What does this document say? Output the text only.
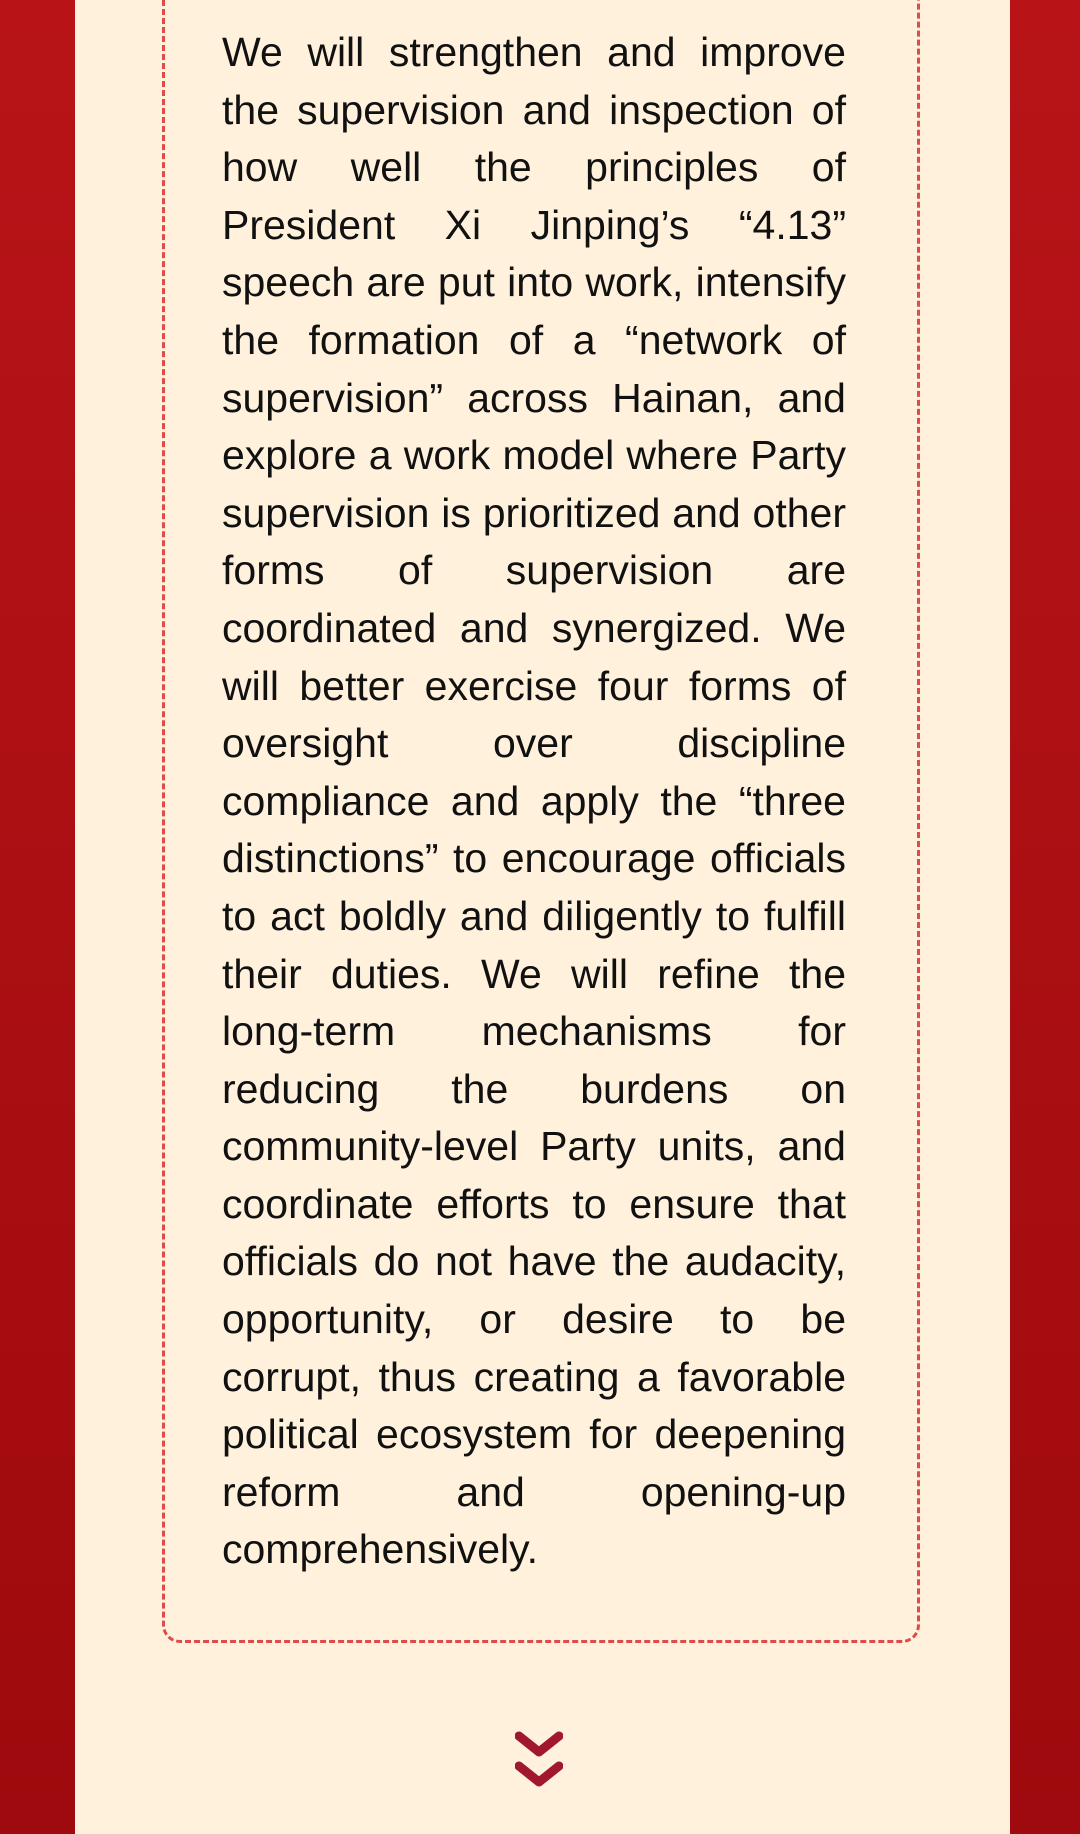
We will strengthen and improve the supervision and inspection of how well the principles of President Xi Jinping’s “4.13” speech are put into work, intensify the formation of a “network of supervision” across Hainan, and explore a work model where Party supervision is prioritized and other forms of supervision are coordinated and synergized. We will better exercise four forms of oversight over discipline compliance and apply the “three distinctions” to encourage officials to act boldly and diligently to fulfill their duties. We will refine the long-term mechanisms for reducing the burdens on community-level Party units, and coordinate efforts to ensure that officials do not have the audacity, opportunity, or desire to be corrupt, thus creating a favorable political ecosystem for deepening reform and opening-up comprehensively.
